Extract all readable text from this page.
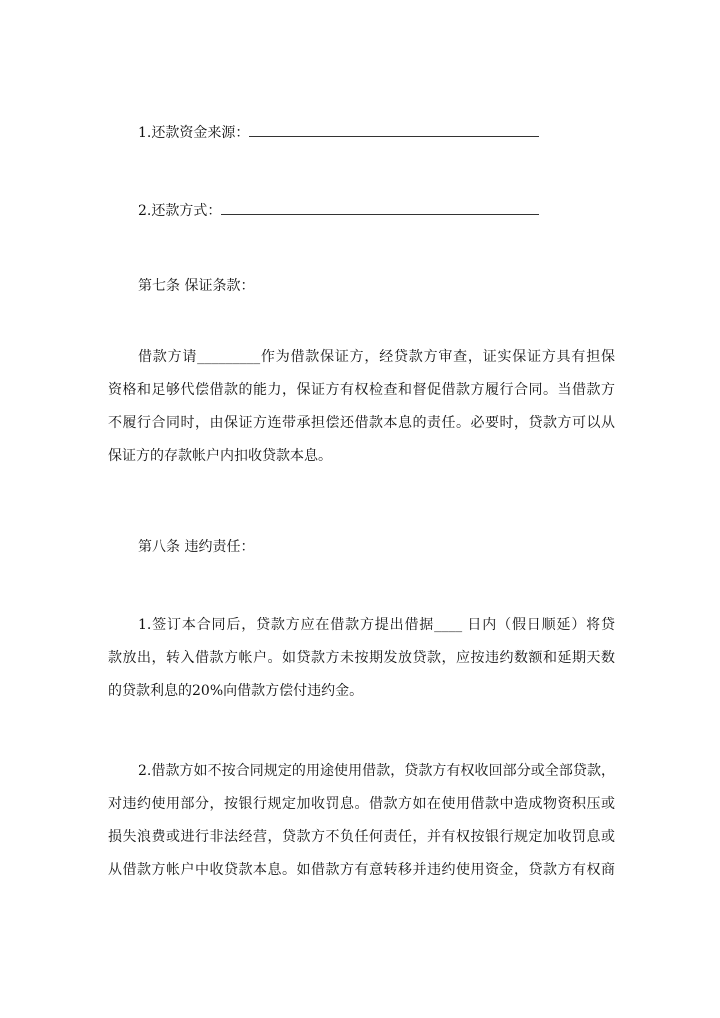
1.还款资金来源：
2.还款方式：
第七条 保证条款：
借款方请_________作为借款保证方，经贷款方审查，证实保证方具有担保
资格和足够代偿借款的能力，保证方有权检查和督促借款方履行合同。当借款方
不履行合同时，由保证方连带承担偿还借款本息的责任。必要时，贷款方可以从
保证方的存款帐户内扣收贷款本息。
第八条 违约责任：
1.签订本合同后，贷款方应在借款方提出借据____ 日内（假日顺延）将贷
款放出，转入借款方帐户。如贷款方未按期发放贷款，应按违约数额和延期天数
的贷款利息的20%向借款方偿付违约金。
2.借款方如不按合同规定的用途使用借款，贷款方有权收回部分或全部贷款，
对违约使用部分，按银行规定加收罚息。借款方如在使用借款中造成物资积压或
损失浪费或进行非法经营，贷款方不负任何责任，并有权按银行规定加收罚息或
从借款方帐户中收贷款本息。如借款方有意转移并违约使用资金，贷款方有权商
